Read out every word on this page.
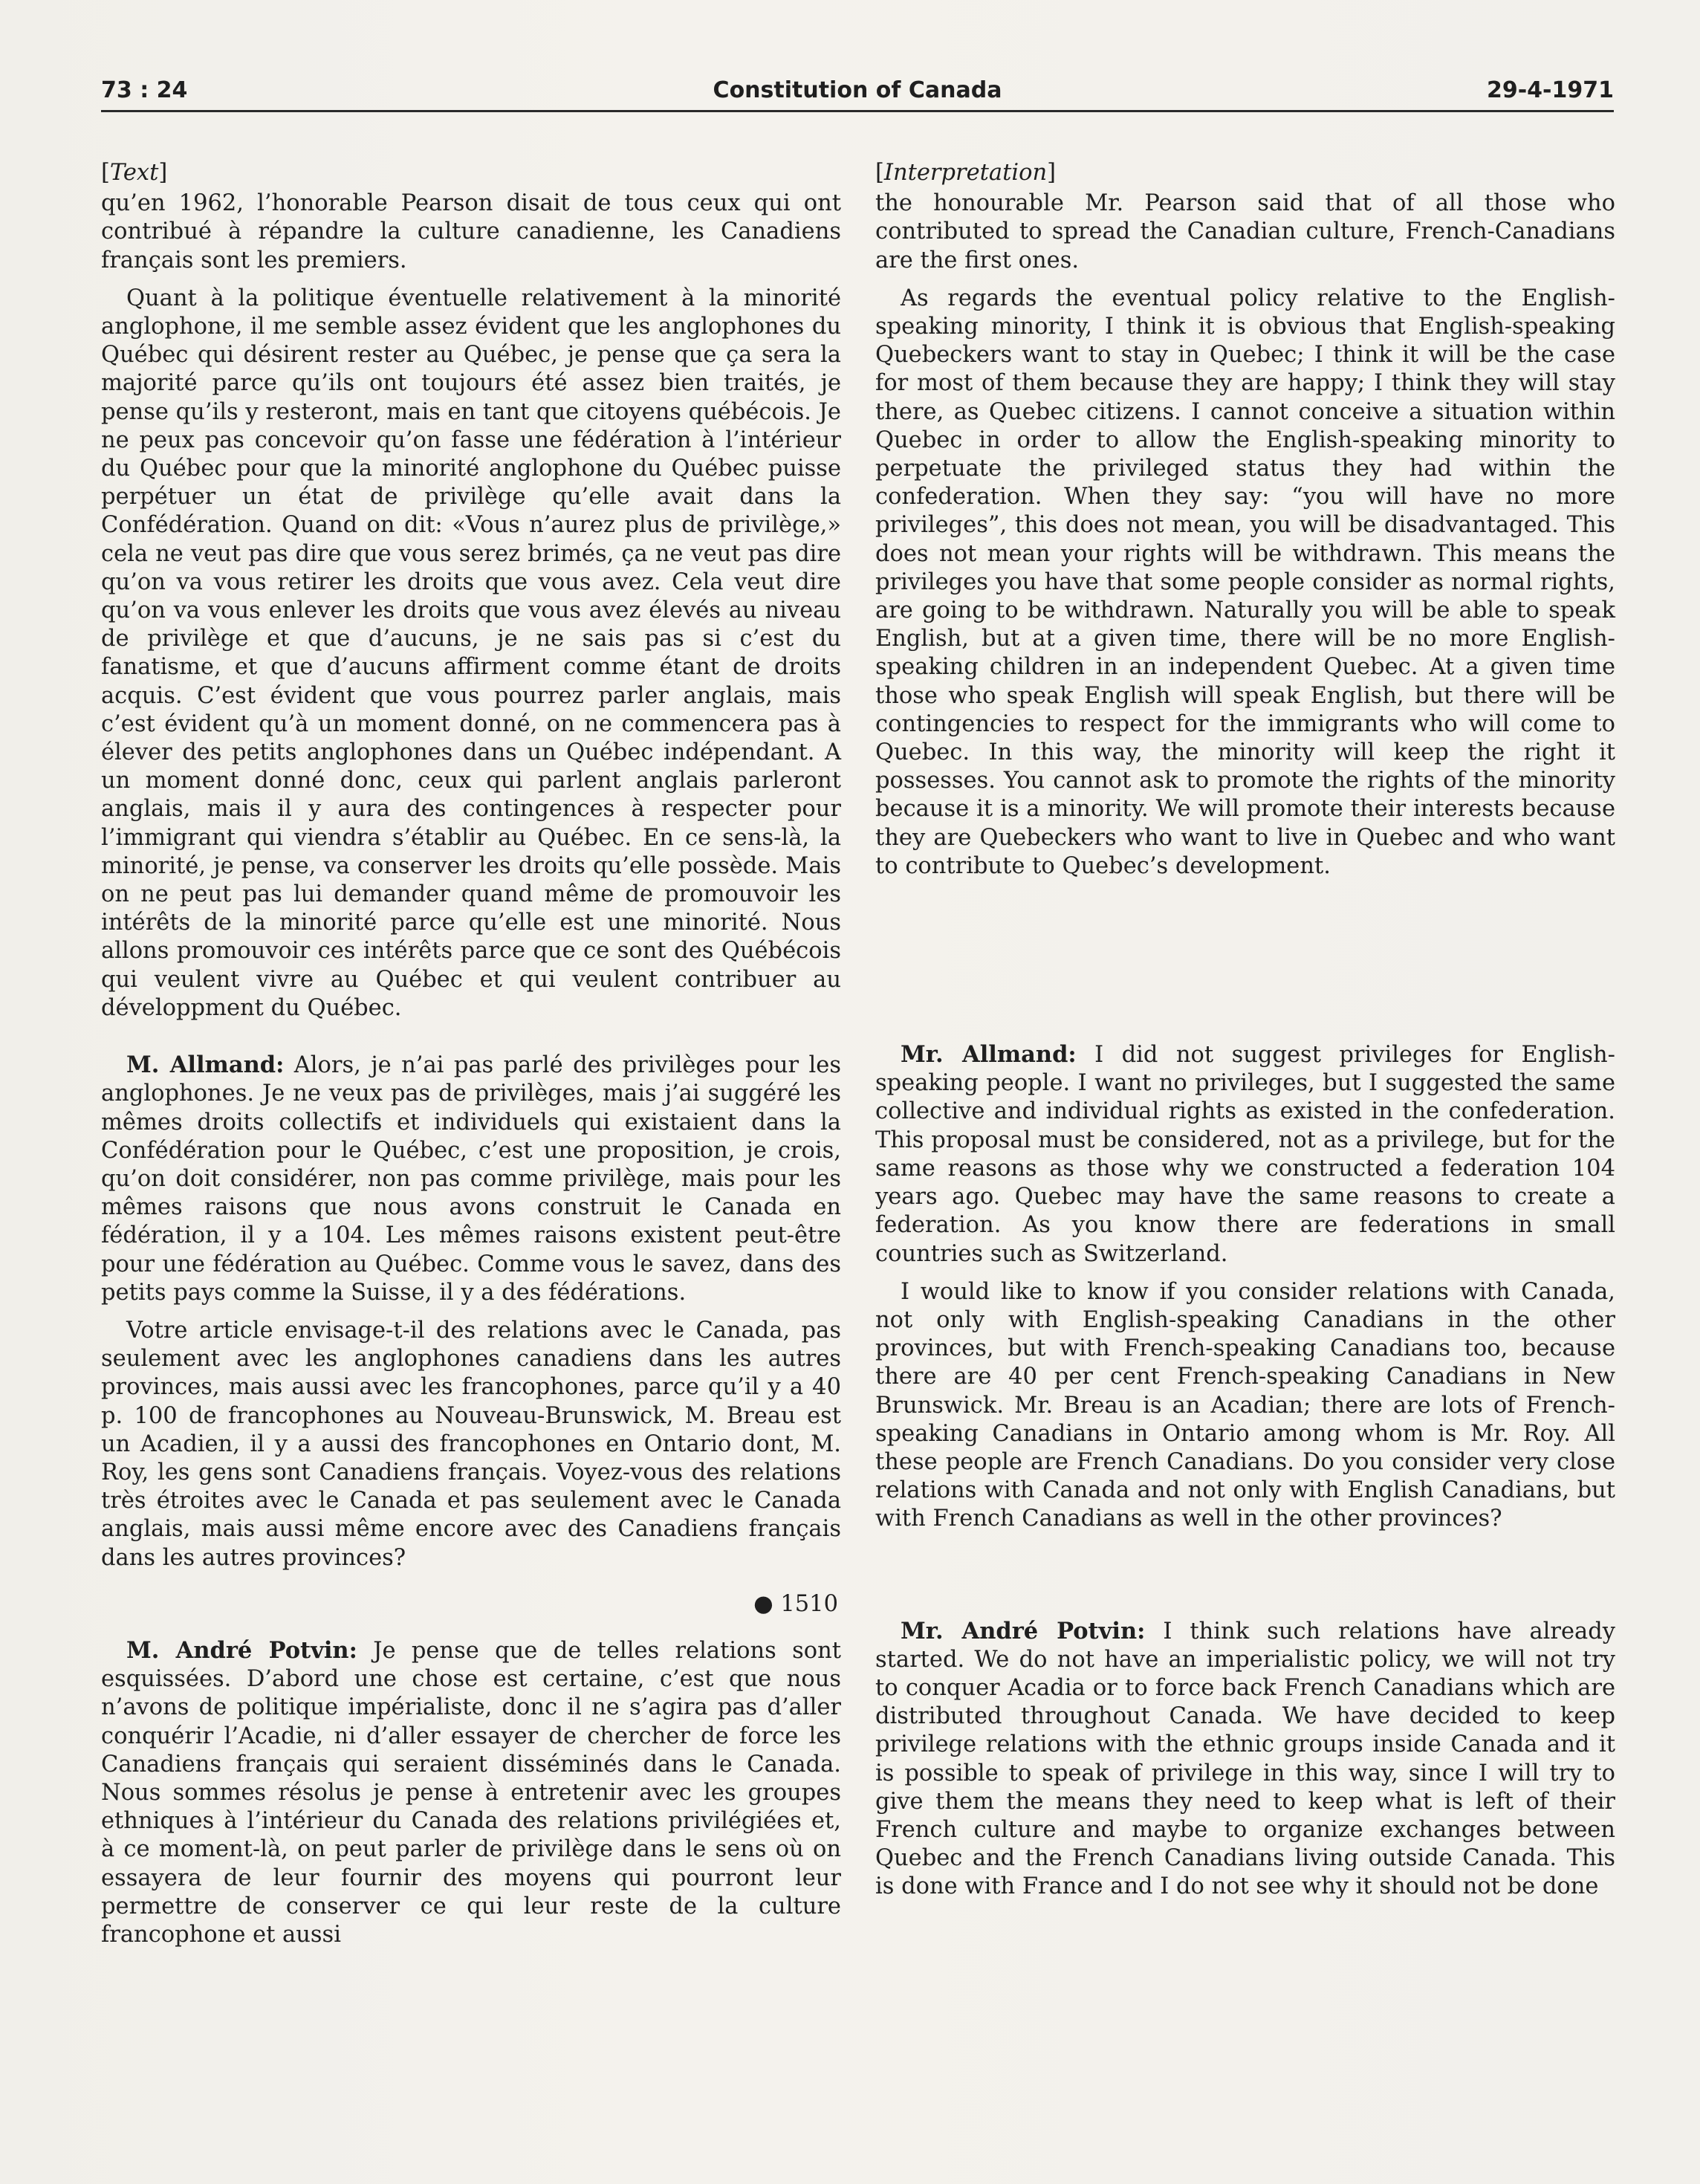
73 : 24	Constitution of Canada	29-4-1971
[Text]

qu’en 1962, l’honorable Pearson disait de tous ceux qui ont contribué à répandre la culture canadienne, les Canadiens français sont les premiers.

Quant à la politique éventuelle relativement à la minorité anglophone, il me semble assez évident que les anglophones du Québec qui désirent rester au Québec, je pense que ça sera la majorité parce qu’ils ont toujours été assez bien traités, je pense qu’ils y resteront, mais en tant que citoyens québécois. Je ne peux pas concevoir qu’on fasse une fédération à l’intérieur du Québec pour que la minorité anglophone du Québec puisse perpétuer un état de privilège qu’elle avait dans la Confédération. Quand on dit: «Vous n’aurez plus de privilège,» cela ne veut pas dire que vous serez brimés, ça ne veut pas dire qu’on va vous retirer les droits que vous avez. Cela veut dire qu’on va vous enlever les droits que vous avez élevés au niveau de privilège et que d’aucuns, je ne sais pas si c’est du fanatisme, et que d’aucuns affirment comme étant de droits acquis. C’est évident que vous pourrez parler anglais, mais c’est évident qu’à un moment donné, on ne commencera pas à élever des petits anglophones dans un Québec indépendant. A un moment donné donc, ceux qui parlent anglais parleront anglais, mais il y aura des contingences à respecter pour l’immigrant qui viendra s’établir au Québec. En ce sens-là, la minorité, je pense, va conserver les droits qu’elle possède. Mais on ne peut pas lui demander quand même de promouvoir les intérêts de la minorité parce qu’elle est une minorité. Nous allons promouvoir ces intérêts parce que ce sont des Québécois qui veulent vivre au Québec et qui veulent contribuer au développment du Québec.

M. Allmand: Alors, je n’ai pas parlé des privilèges pour les anglophones. Je ne veux pas de privilèges, mais j’ai suggéré les mêmes droits collectifs et individuels qui existaient dans la Confédération pour le Québec, c’est une proposition, je crois, qu’on doit considérer, non pas comme privilège, mais pour les mêmes raisons que nous avons construit le Canada en fédération, il y a 104. Les mêmes raisons existent peut-être pour une fédération au Québec. Comme vous le savez, dans des petits pays comme la Suisse, il y a des fédérations.

Votre article envisage-t-il des relations avec le Canada, pas seulement avec les anglophones canadiens dans les autres provinces, mais aussi avec les francophones, parce qu’il y a 40 p. 100 de francophones au Nouveau-Brunswick, M. Breau est un Acadien, il y a aussi des francophones en Ontario dont, M. Roy, les gens sont Canadiens français. Voyez-vous des relations très étroites avec le Canada et pas seulement avec le Canada anglais, mais aussi même encore avec des Canadiens français dans les autres provinces?

● 1510

M. André Potvin: Je pense que de telles relations sont esquissées. D’abord une chose est certaine, c’est que nous n’avons de politique impérialiste, donc il ne s’agira pas d’aller conquérir l’Acadie, ni d’aller essayer de chercher de force les Canadiens français qui seraient disséminés dans le Canada. Nous sommes résolus je pense à entretenir avec les groupes ethniques à l’intérieur du Canada des relations privilégiées et, à ce moment-là, on peut parler de privilège dans le sens où on essayera de leur fournir des moyens qui pourront leur permettre de conserver ce qui leur reste de la culture francophone et aussi

[Interpretation]

the honourable Mr. Pearson said that of all those who contributed to spread the Canadian culture, French-Canadians are the first ones.

As regards the eventual policy relative to the English-speaking minority, I think it is obvious that English-speaking Quebeckers want to stay in Quebec; I think it will be the case for most of them because they are happy; I think they will stay there, as Quebec citizens. I cannot conceive a situation within Quebec in order to allow the English-speaking minority to perpetuate the privileged status they had within the confederation. When they say: “you will have no more privileges”, this does not mean, you will be disadvantaged. This does not mean your rights will be withdrawn. This means the privileges you have that some people consider as normal rights, are going to be withdrawn. Naturally you will be able to speak English, but at a given time, there will be no more English-speaking children in an independent Quebec. At a given time those who speak English will speak English, but there will be contingencies to respect for the immigrants who will come to Quebec. In this way, the minority will keep the right it possesses. You cannot ask to promote the rights of the minority because it is a minority. We will promote their interests because they are Quebeckers who want to live in Quebec and who want to contribute to Quebec’s development.

Mr. Allmand: I did not suggest privileges for English-speaking people. I want no privileges, but I suggested the same collective and individual rights as existed in the confederation. This proposal must be considered, not as a privilege, but for the same reasons as those why we constructed a federation 104 years ago. Quebec may have the same reasons to create a federation. As you know there are federations in small countries such as Switzerland.

I would like to know if you consider relations with Canada, not only with English-speaking Canadians in the other provinces, but with French-speaking Canadians too, because there are 40 per cent French-speaking Canadians in New Brunswick. Mr. Breau is an Acadian; there are lots of French-speaking Canadians in Ontario among whom is Mr. Roy. All these people are French Canadians. Do you consider very close relations with Canada and not only with English Canadians, but with French Canadians as well in the other provinces?

Mr. André Potvin: I think such relations have already started. We do not have an imperialistic policy, we will not try to conquer Acadia or to force back French Canadians which are distributed throughout Canada. We have decided to keep privilege relations with the ethnic groups inside Canada and it is possible to speak of privilege in this way, since I will try to give them the means they need to keep what is left of their French culture and maybe to organize exchanges between Quebec and the French Canadians living outside Canada. This is done with France and I do not see why it should not be done
